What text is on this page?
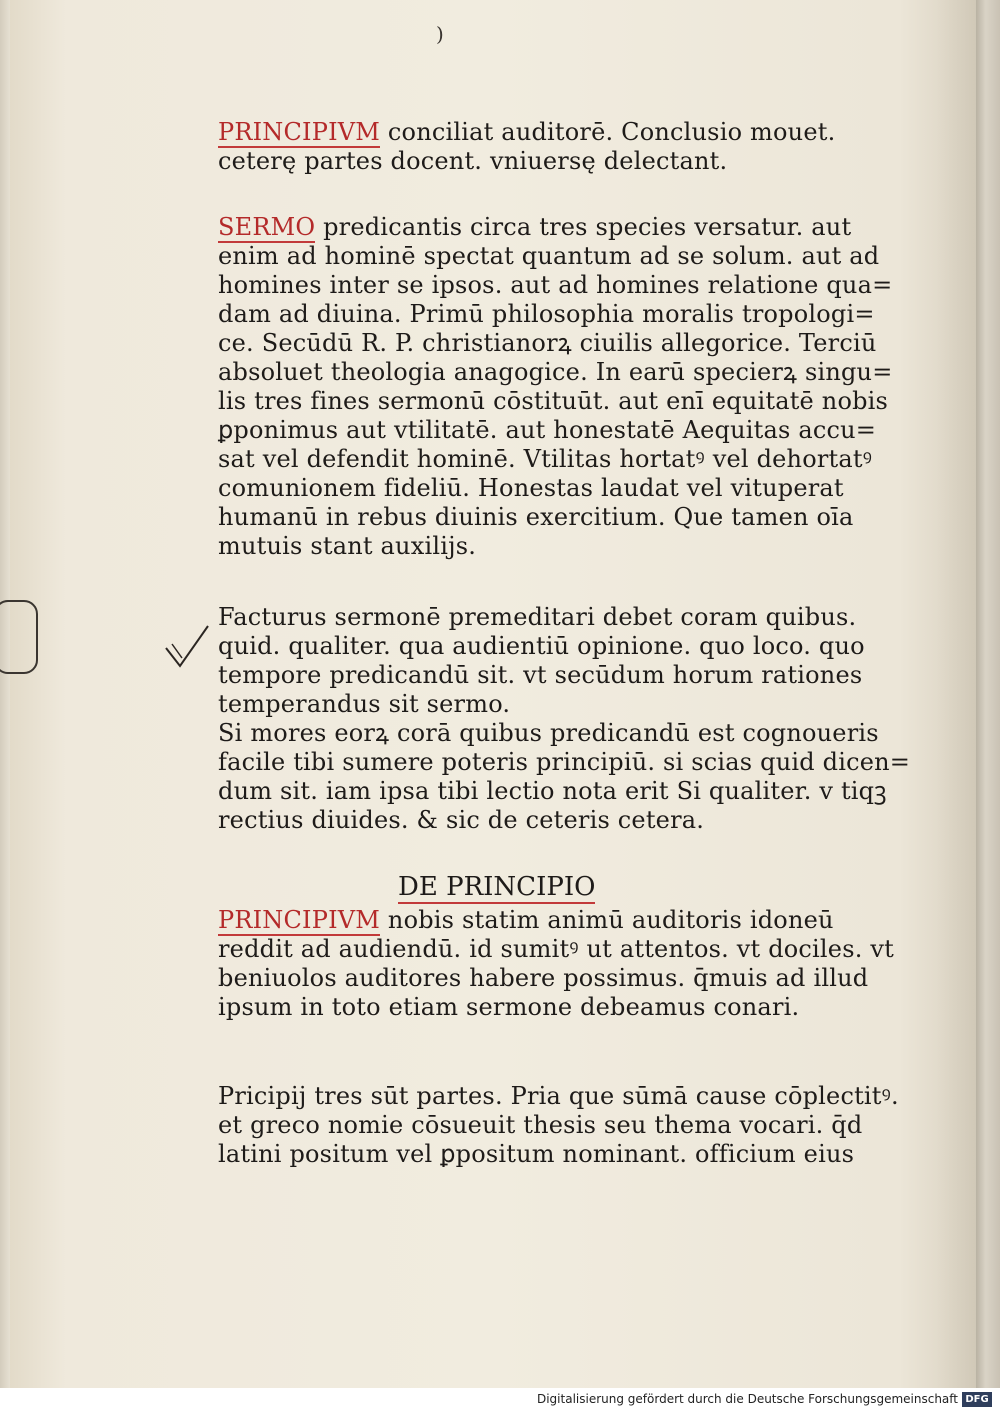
)
PRINCIPIVM conciliat auditorē. Conclusio mouet.
ceterę partes docent. vniuersę delectant.
SERMO predicantis circa tres species versatur. aut
enim ad hominē spectat quantum ad se solum. aut ad
homines inter se ipsos. aut ad homines relatione qua=
dam ad diuina. Primū philosophia moralis tropologi=
ce. Secūdū R. P. christianorꝝ ciuilis allegorice. Terciū
absoluet theologia anagogice. In earū specierꝝ singu=
lis tres fines sermonū cōstituūt. aut enī equitatē nobis
ꝑponimus aut vtilitatē. aut honestatē Aequitas accu=
sat vel defendit hominē. Vtilitas hortatꝰ vel dehortatꝰ
comunionem fideliū. Honestas laudat vel vituperat
humanū in rebus diuinis exercitium. Que tamen oīa
mutuis stant auxilijs.
Facturus sermonē premeditari debet coram quibus.
quid. qualiter. qua audientiū opinione. quo loco. quo
tempore predicandū sit. vt secūdum horum rationes
temperandus sit sermo.
Si mores eorꝝ corā quibus predicandū est cognoueris
facile tibi sumere poteris principiū. si scias quid dicen=
dum sit. iam ipsa tibi lectio nota erit Si qualiter. v tiqꝫ
rectius diuides. & sic de ceteris cetera.
DE PRINCIPIO
PRINCIPIVM nobis statim animū auditoris idoneū
reddit ad audiendū. id sumitꝰ ut attentos. vt dociles. vt
beniuolos auditores habere possimus. q̄muis ad illud
ipsum in toto etiam sermone debeamus conari.
Pricipij tres sūt partes. Pria que sūmā cause cōplectitꝰ.
et greco nomie cōsueuit thesis seu thema vocari. q̄d
latini positum vel ꝑpositum nominant. officium eius
Digitalisierung gefördert durch die Deutsche Forschungsgemeinschaft DFG
